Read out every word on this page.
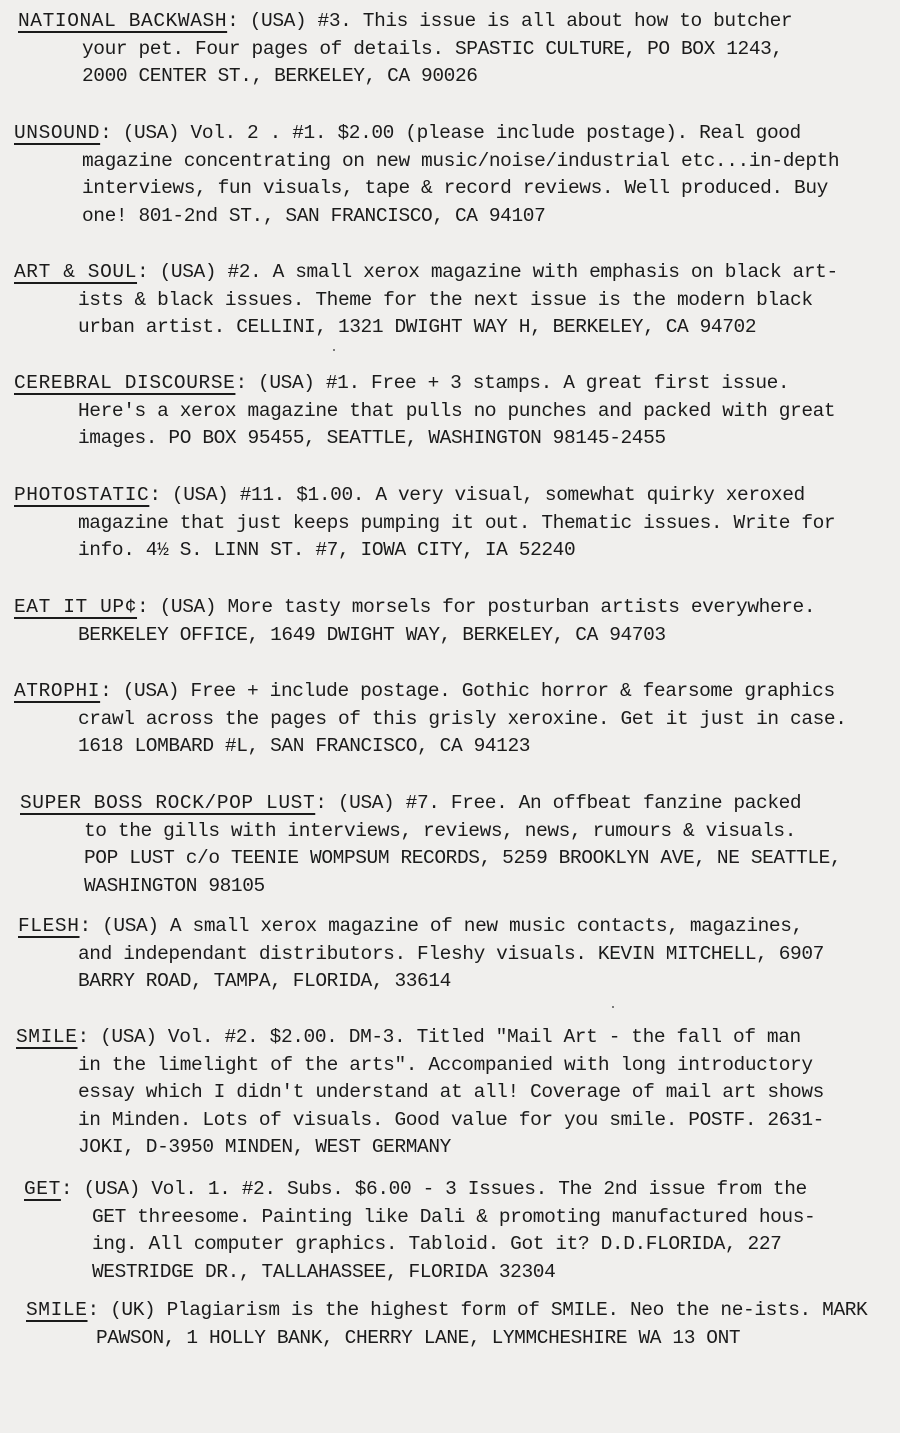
NATIONAL BACKWASH: (USA) #3. This issue is all about how to butcher
your pet. Four pages of details. SPASTIC CULTURE, PO BOX 1243,
2000 CENTER ST., BERKELEY, CA 90026
UNSOUND: (USA) Vol. 2 . #1. $2.00 (please include postage). Real good
magazine concentrating on new music/noise/industrial etc...in-depth
interviews, fun visuals, tape & record reviews. Well produced. Buy
one! 801-2nd ST., SAN FRANCISCO, CA 94107
ART & SOUL: (USA) #2. A small xerox magazine with emphasis on black art-
ists & black issues. Theme for the next issue is the modern black
urban artist. CELLINI, 1321 DWIGHT WAY H, BERKELEY, CA 94702
CEREBRAL DISCOURSE: (USA) #1. Free + 3 stamps. A great first issue.
Here's a xerox magazine that pulls no punches and packed with great
images. PO BOX 95455, SEATTLE, WASHINGTON 98145-2455
PHOTOSTATIC: (USA) #11. $1.00. A very visual, somewhat quirky xeroxed
magazine that just keeps pumping it out. Thematic issues. Write for
info. 4½ S. LINN ST. #7, IOWA CITY, IA 52240
EAT IT UP¢: (USA) More tasty morsels for posturban artists everywhere.
BERKELEY OFFICE, 1649 DWIGHT WAY, BERKELEY, CA 94703
ATROPHI: (USA) Free + include postage. Gothic horror & fearsome graphics
crawl across the pages of this grisly xeroxine. Get it just in case.
1618 LOMBARD #L, SAN FRANCISCO, CA 94123
SUPER BOSS ROCK/POP LUST: (USA) #7. Free. An offbeat fanzine packed
to the gills with interviews, reviews, news, rumours & visuals.
POP LUST c/o TEENIE WOMPSUM RECORDS, 5259 BROOKLYN AVE, NE SEATTLE,
WASHINGTON 98105
FLESH: (USA) A small xerox magazine of new music contacts, magazines,
and independant distributors. Fleshy visuals. KEVIN MITCHELL, 6907
BARRY ROAD, TAMPA, FLORIDA, 33614
SMILE: (USA) Vol. #2. $2.00. DM-3. Titled "Mail Art - the fall of man
in the limelight of the arts". Accompanied with long introductory
essay which I didn't understand at all! Coverage of mail art shows
in Minden. Lots of visuals. Good value for you smile. POSTF. 2631-
JOKI, D-3950 MINDEN, WEST GERMANY
GET: (USA) Vol. 1. #2. Subs. $6.00 - 3 Issues. The 2nd issue from the
GET threesome. Painting like Dali & promoting manufactured hous-
ing. All computer graphics. Tabloid. Got it? D.D.FLORIDA, 227
WESTRIDGE DR., TALLAHASSEE, FLORIDA 32304
SMILE: (UK) Plagiarism is the highest form of SMILE. Neo the ne-ists. MARK
PAWSON, 1 HOLLY BANK, CHERRY LANE, LYMMCHESHIRE WA 13 ONT
